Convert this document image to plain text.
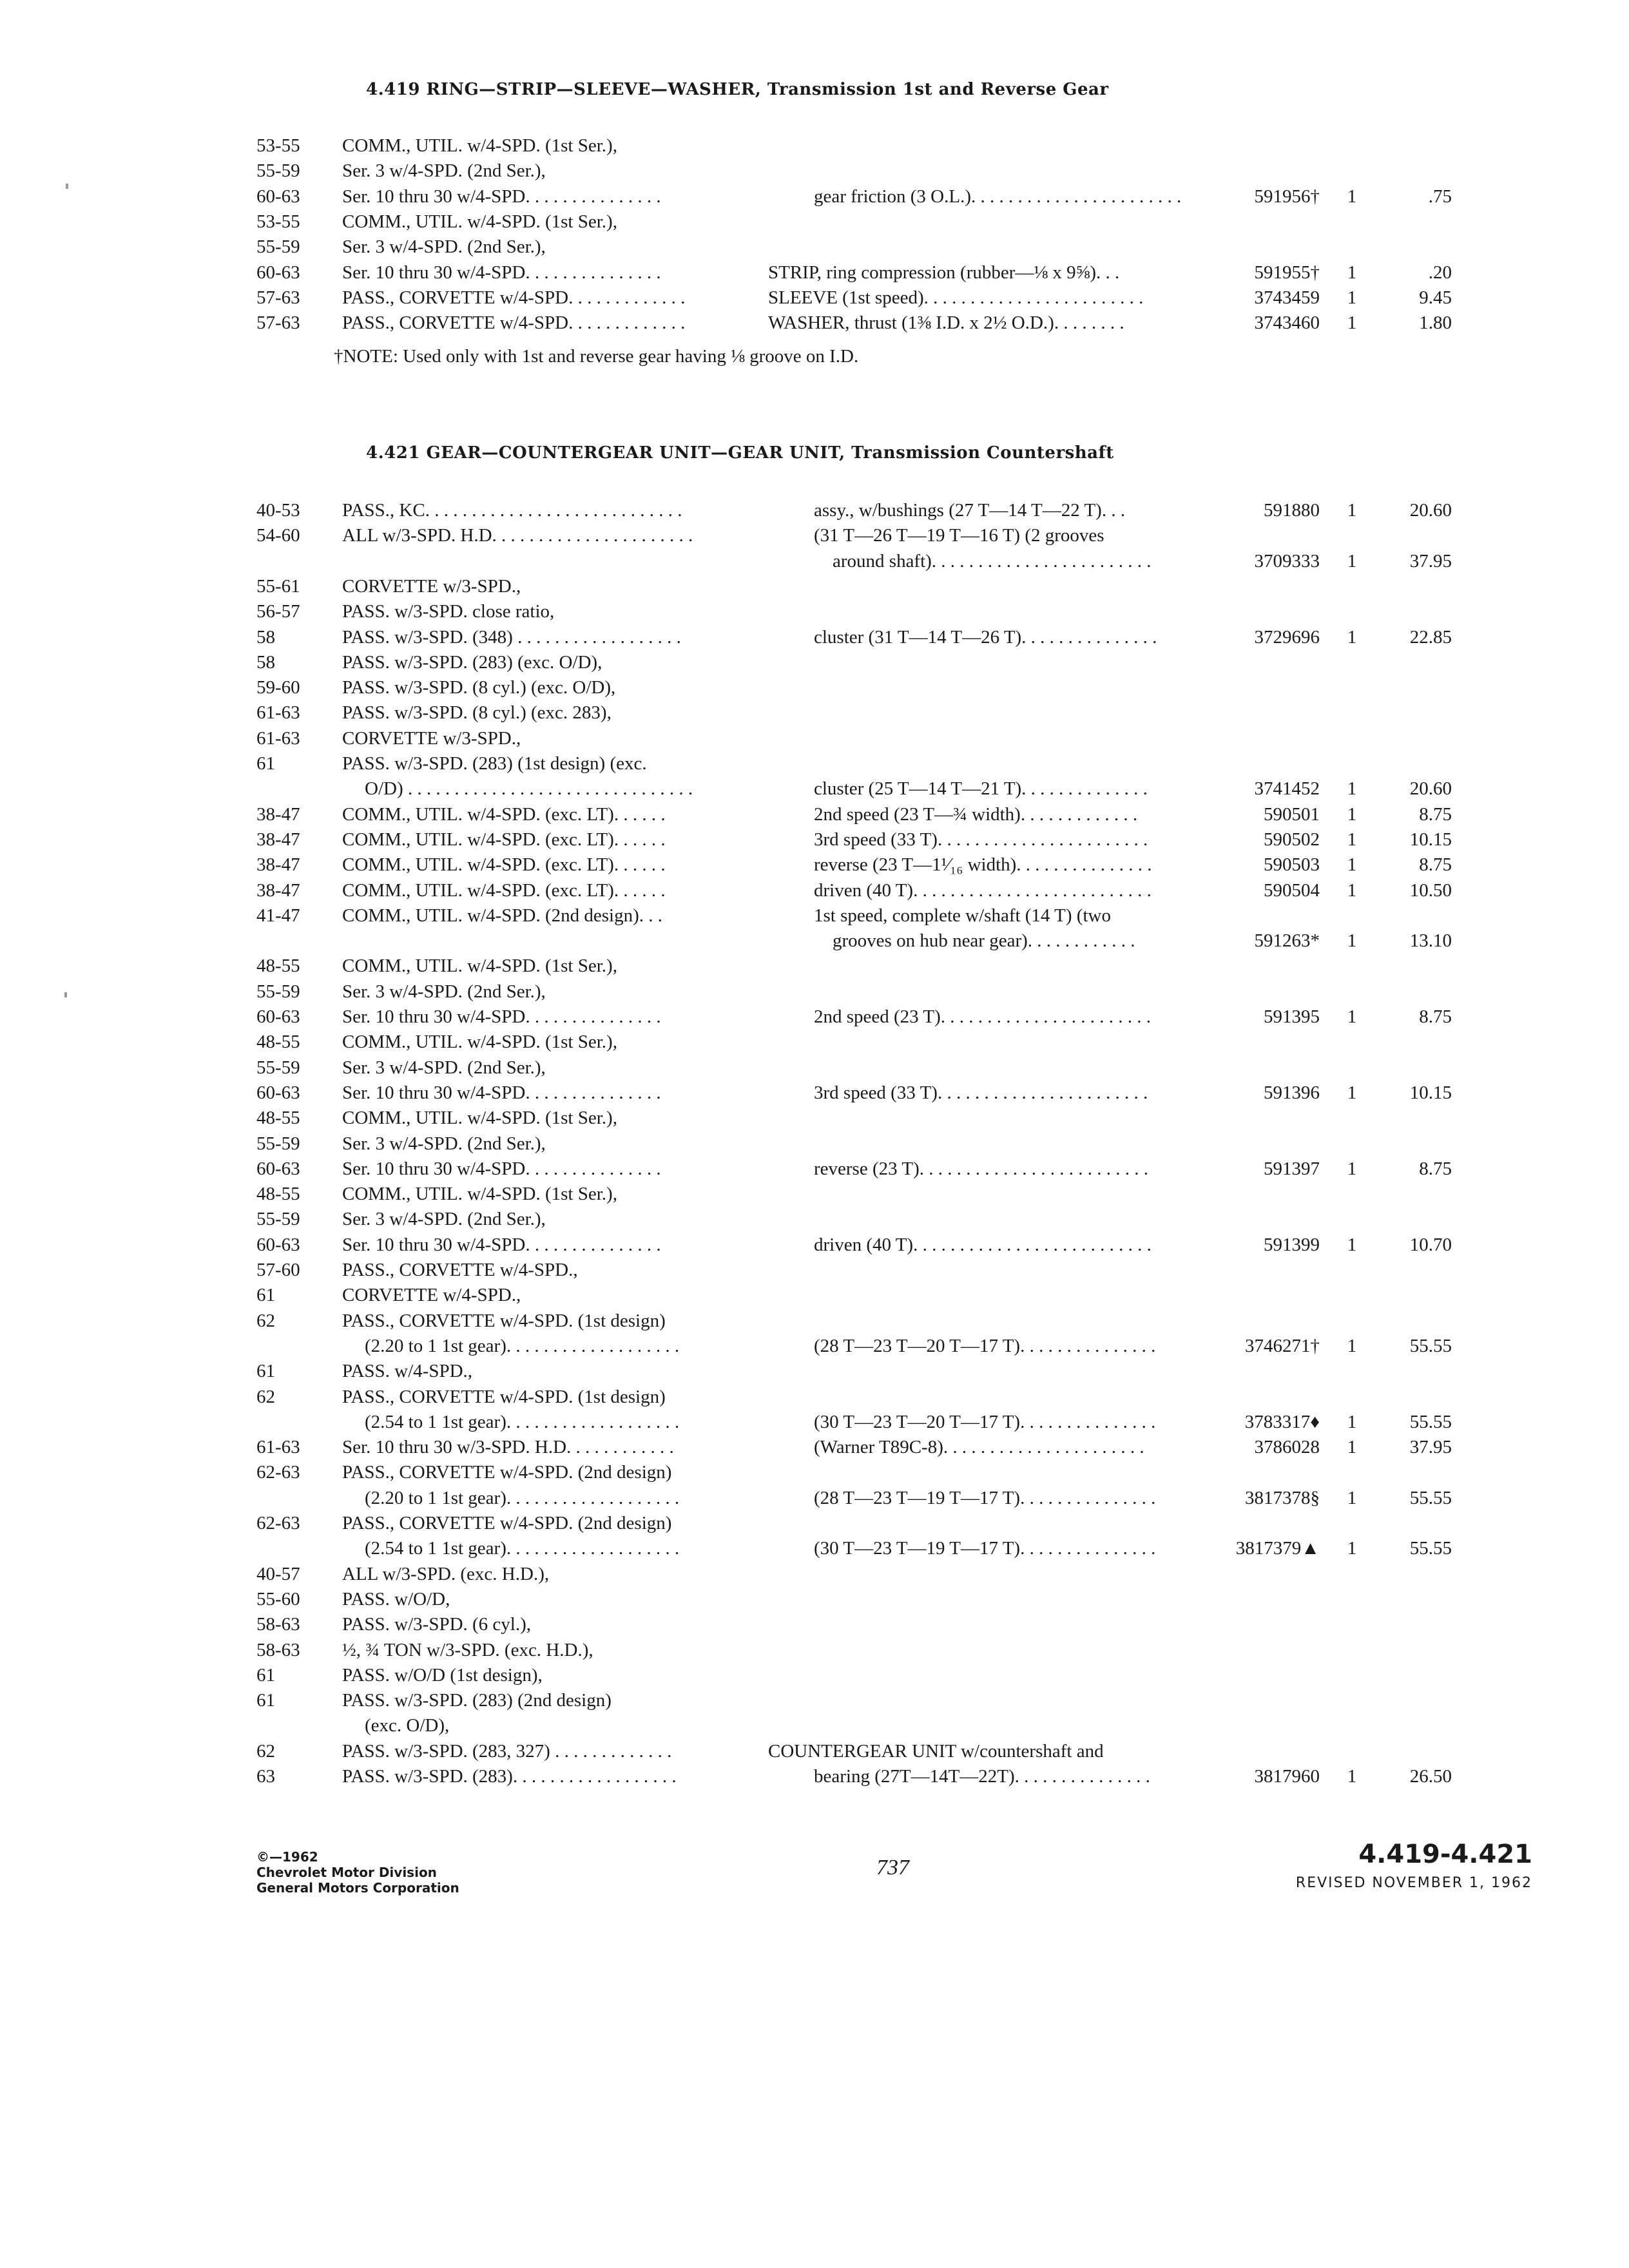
4.419 RING—STRIP—SLEEVE—WASHER, Transmission 1st and Reverse Gear
53-55 COMM., UTIL. w/4-SPD. (1st Ser.),
55-59 Ser. 3 w/4-SPD. (2nd Ser.),
60-63 Ser. 10 thru 30 w/4-SPD. . . . . . . . . . . . . . .	gear friction (3 O.L.). . . . . . . . . . . . . . . . . . . . . . .	591956† 1	.75
53-55 COMM., UTIL. w/4-SPD. (1st Ser.),
55-59 Ser. 3 w/4-SPD. (2nd Ser.),
60-63 Ser. 10 thru 30 w/4-SPD. . . . . . . . . . . . . . .	STRIP, ring compression (rubber—⅛ x 9⅝). . .	591955† 1	.20
57-63 PASS., CORVETTE w/4-SPD. . . . . . . . . . . . .	SLEEVE (1st speed). . . . . . . . . . . . . . . . . . . . . . . .	3743459 1	9.45
57-63 PASS., CORVETTE w/4-SPD. . . . . . . . . . . . .	WASHER, thrust (1⅜ I.D. x 2½ O.D.). . . . . . . .	3743460 1	1.80
†NOTE: Used only with 1st and reverse gear having ⅛ groove on I.D.
4.421 GEAR—COUNTERGEAR UNIT—GEAR UNIT, Transmission Countershaft
40-53 PASS., KC. . . . . . . . . . . . . . . . . . . . . . . . . . . .	assy., w/bushings (27 T—14 T—22 T). . .	591880 1	20.60
54-60 ALL w/3-SPD. H.D. . . . . . . . . . . . . . . . . . . . . .	(31 T—26 T—19 T—16 T) (2 grooves
around shaft). . . . . . . . . . . . . . . . . . . . . . . .	3709333 1	37.95
55-61 CORVETTE w/3-SPD.,
56-57 PASS. w/3-SPD. close ratio,
58	PASS. w/3-SPD. (348) . . . . . . . . . . . . . . . . . .	cluster (31 T—14 T—26 T). . . . . . . . . . . . . . .	3729696 1	22.85
58	PASS. w/3-SPD. (283) (exc. O/D),
59-60 PASS. w/3-SPD. (8 cyl.) (exc. O/D),
61-63 PASS. w/3-SPD. (8 cyl.) (exc. 283),
61-63 CORVETTE w/3-SPD.,
61	PASS. w/3-SPD. (283) (1st design) (exc.
O/D) . . . . . . . . . . . . . . . . . . . . . . . . . . . . . . .	cluster (25 T—14 T—21 T). . . . . . . . . . . . . .	3741452 1	20.60
38-47 COMM., UTIL. w/4-SPD. (exc. LT). . . . . .	2nd speed (23 T—¾ width). . . . . . . . . . . . .	590501 1	8.75
38-47 COMM., UTIL. w/4-SPD. (exc. LT). . . . . .	3rd speed (33 T). . . . . . . . . . . . . . . . . . . . . . .	590502 1	10.15
38-47 COMM., UTIL. w/4-SPD. (exc. LT). . . . . .	reverse (23 T—1¹⁄₁₆ width). . . . . . . . . . . . . . .	590503 1	8.75
38-47 COMM., UTIL. w/4-SPD. (exc. LT). . . . . .	driven (40 T). . . . . . . . . . . . . . . . . . . . . . . . . .	590504 1	10.50
41-47 COMM., UTIL. w/4-SPD. (2nd design). . .	1st speed, complete w/shaft (14 T) (two
grooves on hub near gear). . . . . . . . . . . .	591263* 1	13.10
48-55 COMM., UTIL. w/4-SPD. (1st Ser.),
55-59 Ser. 3 w/4-SPD. (2nd Ser.),
60-63 Ser. 10 thru 30 w/4-SPD. . . . . . . . . . . . . . .	2nd speed (23 T). . . . . . . . . . . . . . . . . . . . . . .	591395 1	8.75
48-55 COMM., UTIL. w/4-SPD. (1st Ser.),
55-59 Ser. 3 w/4-SPD. (2nd Ser.),
60-63 Ser. 10 thru 30 w/4-SPD. . . . . . . . . . . . . . .	3rd speed (33 T). . . . . . . . . . . . . . . . . . . . . . .	591396 1	10.15
48-55 COMM., UTIL. w/4-SPD. (1st Ser.),
55-59 Ser. 3 w/4-SPD. (2nd Ser.),
60-63 Ser. 10 thru 30 w/4-SPD. . . . . . . . . . . . . . .	reverse (23 T). . . . . . . . . . . . . . . . . . . . . . . . .	591397 1	8.75
48-55 COMM., UTIL. w/4-SPD. (1st Ser.),
55-59 Ser. 3 w/4-SPD. (2nd Ser.),
60-63 Ser. 10 thru 30 w/4-SPD. . . . . . . . . . . . . . .	driven (40 T). . . . . . . . . . . . . . . . . . . . . . . . . .	591399 1	10.70
57-60 PASS., CORVETTE w/4-SPD.,
61	CORVETTE w/4-SPD.,
62	PASS., CORVETTE w/4-SPD. (1st design)
(2.20 to 1 1st gear). . . . . . . . . . . . . . . . . . .	(28 T—23 T—20 T—17 T). . . . . . . . . . . . . . .	3746271† 1	55.55
61	PASS. w/4-SPD.,
62	PASS., CORVETTE w/4-SPD. (1st design)
(2.54 to 1 1st gear). . . . . . . . . . . . . . . . . . .	(30 T—23 T—20 T—17 T). . . . . . . . . . . . . . .	3783317♦ 1	55.55
61-63 Ser. 10 thru 30 w/3-SPD. H.D. . . . . . . . . . . .	(Warner T89C-8). . . . . . . . . . . . . . . . . . . . . .	3786028 1	37.95
62-63 PASS., CORVETTE w/4-SPD. (2nd design)
(2.20 to 1 1st gear). . . . . . . . . . . . . . . . . . .	(28 T—23 T—19 T—17 T). . . . . . . . . . . . . . .	3817378§ 1	55.55
62-63 PASS., CORVETTE w/4-SPD. (2nd design)
(2.54 to 1 1st gear). . . . . . . . . . . . . . . . . . .	(30 T—23 T—19 T—17 T). . . . . . . . . . . . . . .	3817379▲ 1	55.55
40-57 ALL w/3-SPD. (exc. H.D.),
55-60 PASS. w/O/D,
58-63 PASS. w/3-SPD. (6 cyl.),
58-63 ½, ¾ TON w/3-SPD. (exc. H.D.),
61	PASS. w/O/D (1st design),
61	PASS. w/3-SPD. (283) (2nd design)
(exc. O/D),
62	PASS. w/3-SPD. (283, 327) . . . . . . . . . . . . .	COUNTERGEAR UNIT w/countershaft and
63	PASS. w/3-SPD. (283). . . . . . . . . . . . . . . . . .	bearing (27T—14T—22T). . . . . . . . . . . . . . .	3817960 1	26.50
©—1962
Chevrolet Motor Division
General Motors Corporation
737	4.419-4.421
REVISED NOVEMBER 1, 1962
